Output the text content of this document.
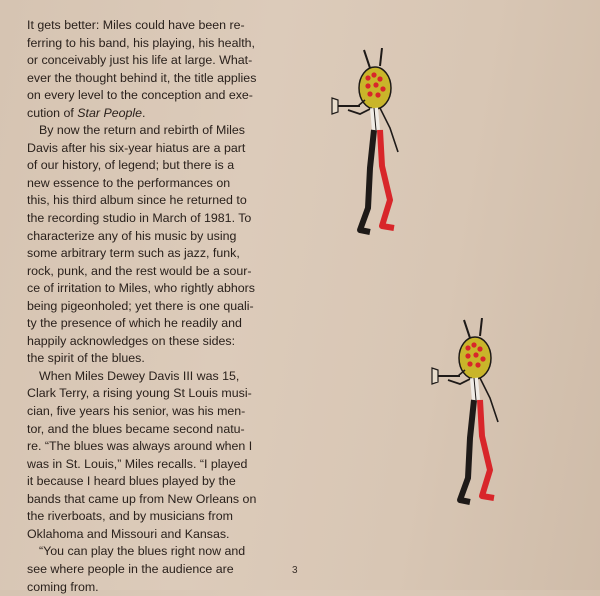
It gets better: Miles could have been re-
ferring to his band, his playing, his health,
or conceivably just his life at large. What-
ever the thought behind it, the title applies
on every level to the conception and exe-
cution of Star People.

By now the return and rebirth of Miles
Davis after his six-year hiatus are a part
of our history, of legend; but there is a
new essence to the performances on
this, his third album since he returned to
the recording studio in March of 1981. To
characterize any of his music by using
some arbitrary term such as jazz, funk,
rock, punk, and the rest would be a sour-
ce of irritation to Miles, who rightly abhors
being pigeonholed; yet there is one quali-
ty the presence of which he readily and
happily acknowledges on these sides:
the spirit of the blues.

When Miles Dewey Davis III was 15,
Clark Terry, a rising young St Louis musi-
cian, five years his senior, was his men-
tor, and the blues became second natu-
re. “The blues was always around when I
was in St. Louis,” Miles recalls. “I played
it because I heard blues played by the
bands that came up from New Orleans on
the riverboats, and by musicians from
Oklahoma and Missouri and Kansas.

“You can play the blues right now and
see where people in the audience are
coming from.

3
